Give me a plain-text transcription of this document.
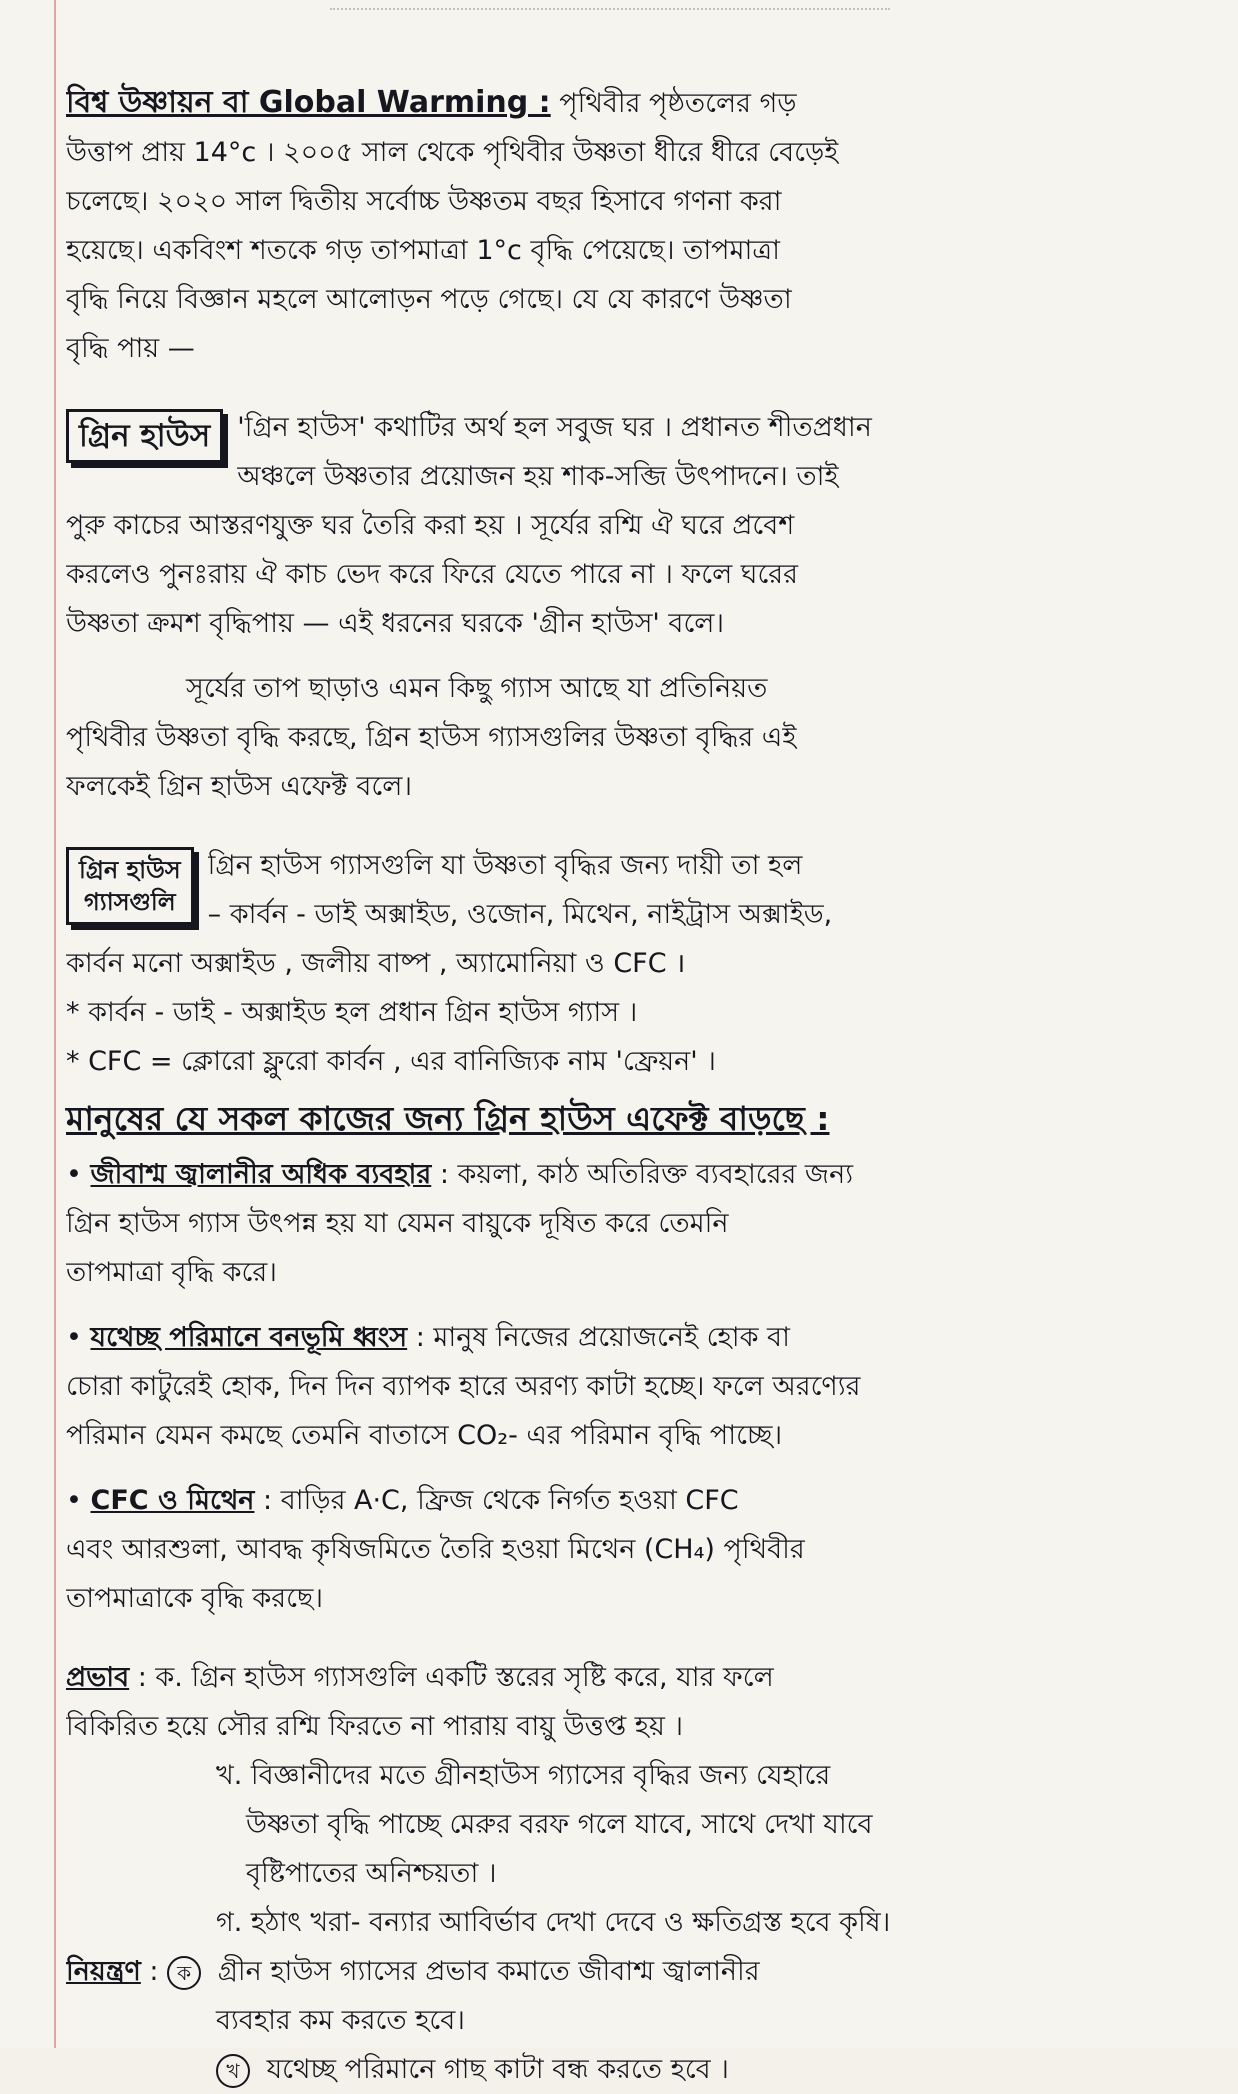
বিশ্ব উষ্ণায়ন বা Global Warming : পৃথিবীর পৃষ্ঠতলের গড়

উত্তাপ প্রায় 14°c । ২০০৫ সাল থেকে পৃথিবীর উষ্ণতা ধীরে ধীরে বেড়েই

চলেছে। ২০২০ সাল দ্বিতীয় সর্বোচ্চ উষ্ণতম বছর হিসাবে গণনা করা

হয়েছে। একবিংশ শতকে গড় তাপমাত্রা 1°c বৃদ্ধি পেয়েছে। তাপমাত্রা

বৃদ্ধি নিয়ে বিজ্ঞান মহলে আলোড়ন পড়ে গেছে। যে যে কারণে উষ্ণতা

বৃদ্ধি পায় —

গ্রিন হাউস	'গ্রিন হাউস' কথাটির অর্থ হল সবুজ ঘর । প্রধানত শীতপ্রধান

অঞ্চলে উষ্ণতার প্রয়োজন হয় শাক-সব্জি উৎপাদনে। তাই

পুরু কাচের আস্তরণযুক্ত ঘর তৈরি করা হয় । সূর্যের রশ্মি ঐ ঘরে প্রবেশ

করলেও পুনঃরায় ঐ কাচ ভেদ করে ফিরে যেতে পারে না । ফলে ঘরের

উষ্ণতা ক্রমশ বৃদ্ধিপায় — এই ধরনের ঘরকে 'গ্রীন হাউস' বলে।

সূর্যের তাপ ছাড়াও এমন কিছু গ্যাস আছে যা প্রতিনিয়ত

পৃথিবীর উষ্ণতা বৃদ্ধি করছে, গ্রিন হাউস গ্যাসগুলির উষ্ণতা বৃদ্ধির এই

ফলকেই গ্রিন হাউস এফেক্ট বলে।

গ্রিন হাউস
গ্যাসগুলি

গ্রিন হাউস গ্যাসগুলি যা উষ্ণতা বৃদ্ধির জন্য দায়ী তা হল

– কার্বন - ডাই অক্সাইড, ওজোন, মিথেন, নাইট্রাস অক্সাইড,

কার্বন মনো অক্সাইড , জলীয় বাষ্প , অ্যামোনিয়া ও CFC ।

* কার্বন - ডাই - অক্সাইড হল প্রধান গ্রিন হাউস গ্যাস ।

* CFC = ক্লোরো ফ্লুরো কার্বন , এর বানিজ্যিক নাম 'ফ্রেয়ন' ।

মানুষের যে সকল কাজের জন্য গ্রিন হাউস এফেক্ট বাড়ছে :

• জীবাশ্ম জ্বালানীর অধিক ব্যবহার : কয়লা, কাঠ অতিরিক্ত ব্যবহারের জন্য

গ্রিন হাউস গ্যাস উৎপন্ন হয় যা যেমন বায়ুকে দূষিত করে তেমনি

তাপমাত্রা বৃদ্ধি করে।

• যথেচ্ছ পরিমানে বনভূমি ধ্বংস : মানুষ নিজের প্রয়োজনেই হোক বা

চোরা কাটুরেই হোক, দিন দিন ব্যাপক হারে অরণ্য কাটা হচ্ছে। ফলে অরণ্যের

পরিমান যেমন কমছে তেমনি বাতাসে CO₂- এর পরিমান বৃদ্ধি পাচ্ছে।

• CFC ও মিথেন : বাড়ির A·C, ফ্রিজ থেকে নির্গত হওয়া CFC

এবং আরশুলা, আবদ্ধ কৃষিজমিতে তৈরি হওয়া মিথেন (CH₄) পৃথিবীর

তাপমাত্রাকে বৃদ্ধি করছে।

প্রভাব : ক. গ্রিন হাউস গ্যাসগুলি একটি স্তরের সৃষ্টি করে, যার ফলে

বিকিরিত হয়ে সৌর রশ্মি ফিরতে না পারায় বায়ু উত্তপ্ত হয় ।

খ. বিজ্ঞানীদের মতে গ্রীনহাউস গ্যাসের বৃদ্ধির জন্য যেহারে

উষ্ণতা বৃদ্ধি পাচ্ছে মেরুর বরফ গলে যাবে, সাথে দেখা যাবে

বৃষ্টিপাতের অনিশ্চয়তা ।

গ. হঠাৎ খরা- বন্যার আবির্ভাব দেখা দেবে ও ক্ষতিগ্রস্ত হবে কৃষি।

নিয়ন্ত্রণ : ক গ্রীন হাউস গ্যাসের প্রভাব কমাতে জীবাশ্ম জ্বালানীর

ব্যবহার কম করতে হবে।

খ যথেচ্ছ পরিমানে গাছ কাটা বন্ধ করতে হবে ।
